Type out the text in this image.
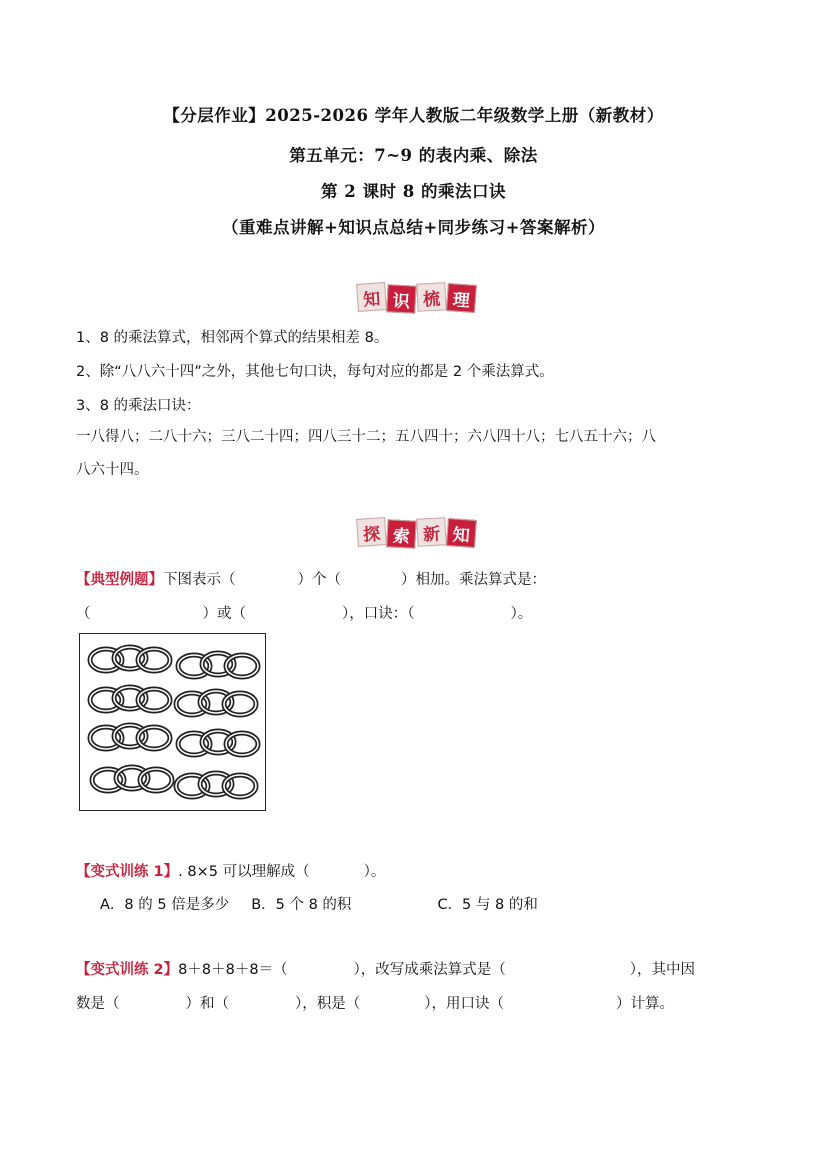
【分层作业】2025-2026 学年人教版二年级数学上册（新教材）
第五单元：7~9 的表内乘、除法
第 2 课时 8 的乘法口诀
（重难点讲解+知识点总结+同步练习+答案解析）
知 识 梳 理
1、8 的乘法算式，相邻两个算式的结果相差 8。
2、除“八八六十四”之外，其他七句口诀，每句对应的都是 2 个乘法算式。
3、8 的乘法口诀：
一八得八；二八十六；三八二十四；四八三十二；五八四十；六八四十八；七八五十六；八
八六十四。
探 索 新 知
【典型例题】下图表示（	）个（	）相加。乘法算式是：
（	）或（	），口诀：（	）。
【变式训练 1】. 8×5 可以理解成（	）。
A．8 的 5 倍是多少 B．5 个 8 的积	C．5 与 8 的和
【变式训练 2】8＋8＋8＋8＝（	），改写成乘法算式是（	），其中因
数是（	）和（	），积是（	），用口诀（	）计算。
